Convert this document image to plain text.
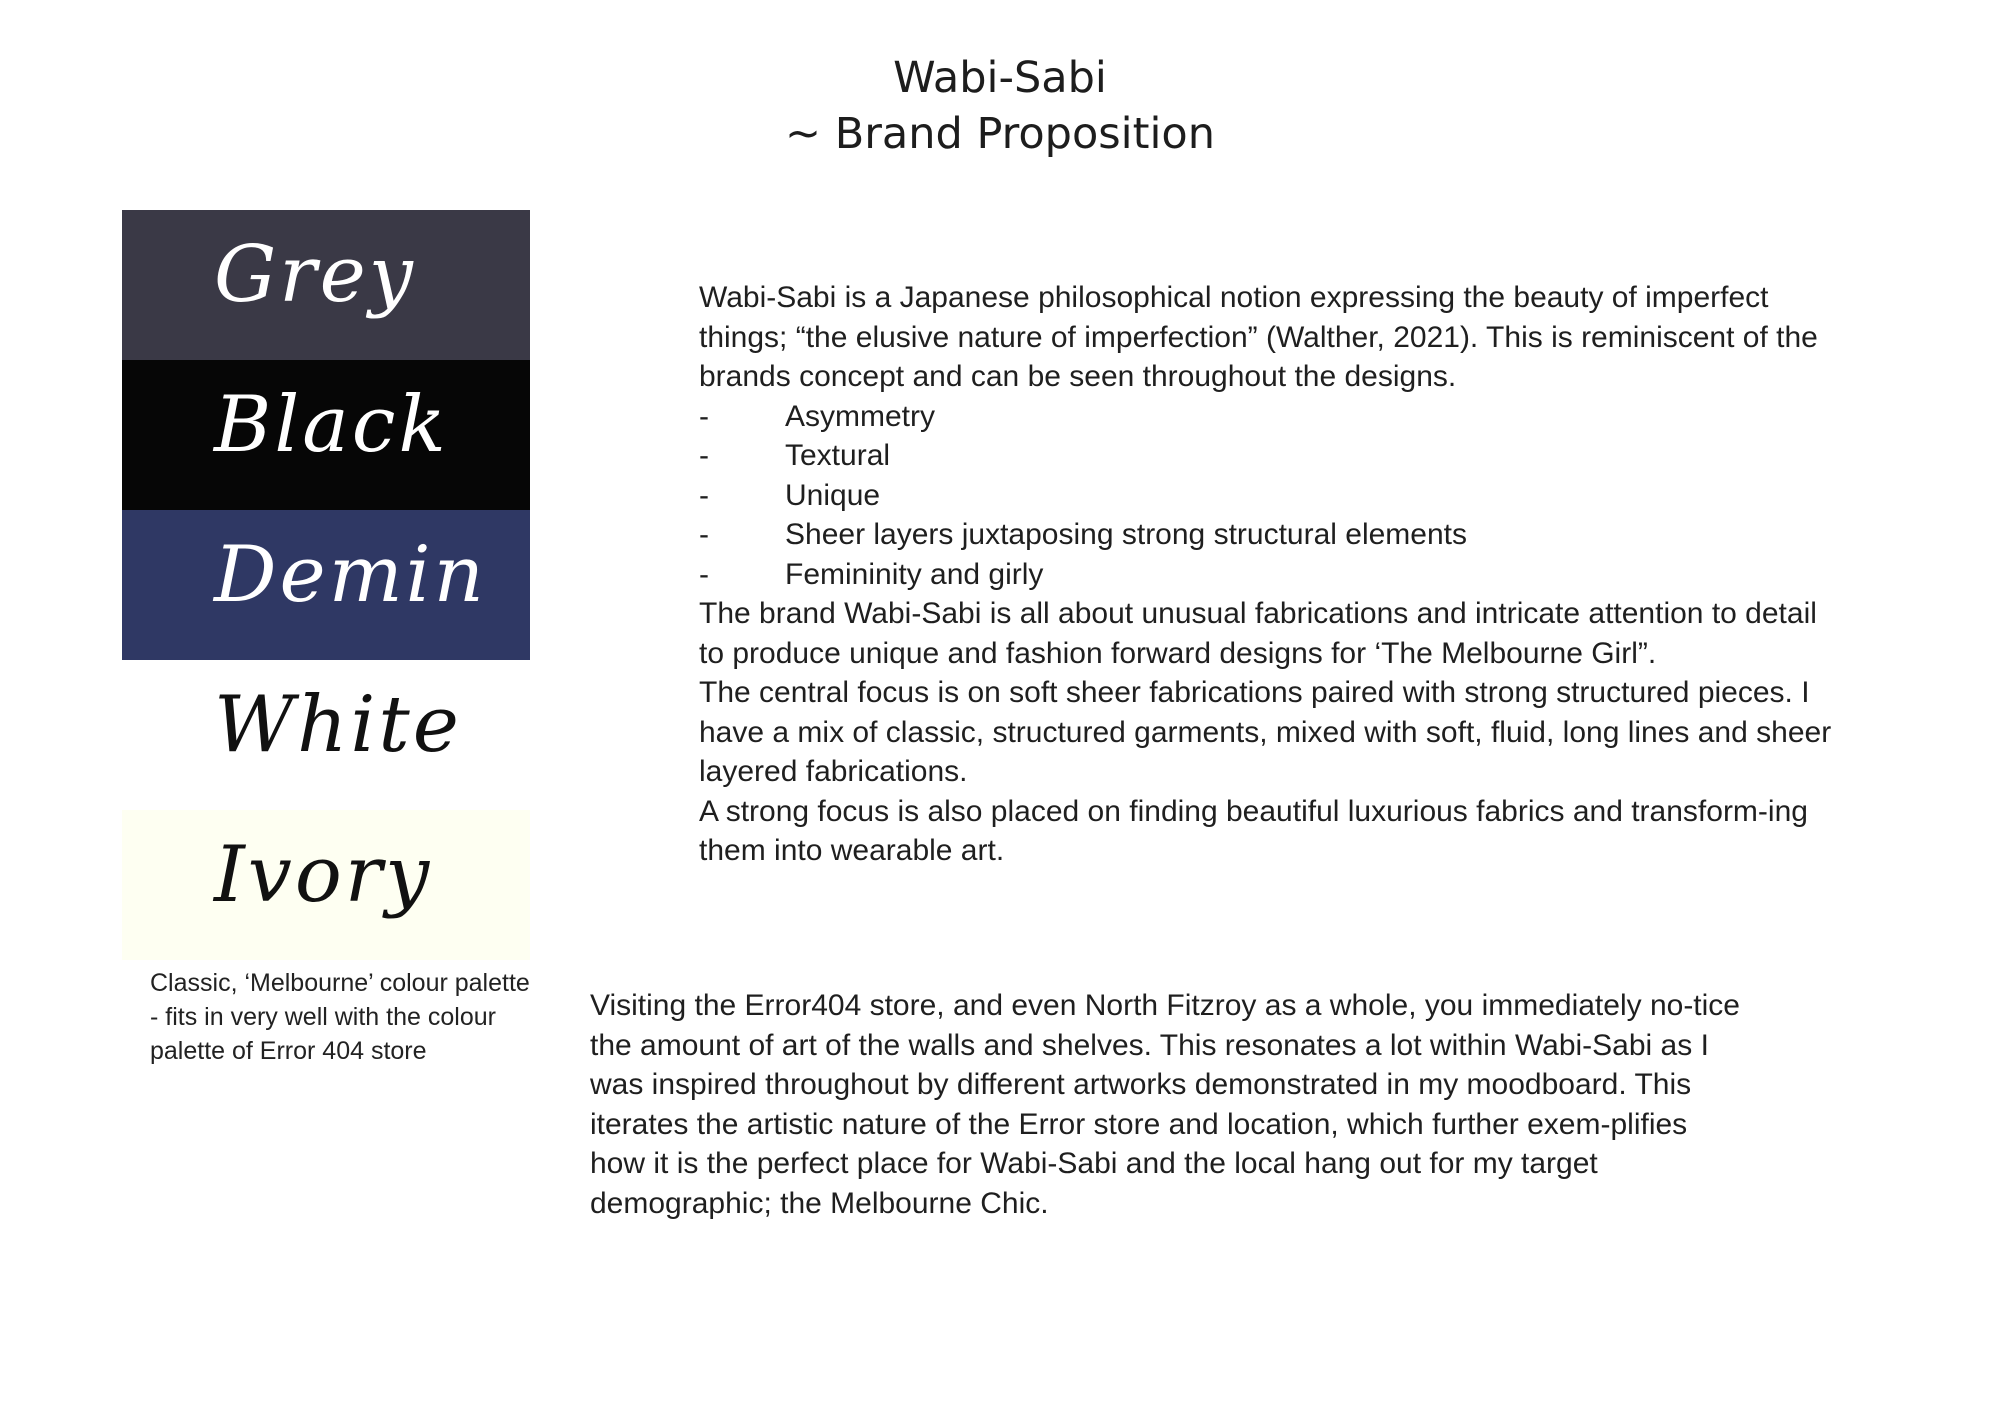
Wabi-Sabi
~ Brand Proposition
Grey
Black
Demin
White
Ivory
Classic, ‘Melbourne’ colour palette - fits in very well with the colour palette of Error 404 store

Wabi-Sabi is a Japanese philosophical notion expressing the beauty of imperfect things; “the elusive nature of imperfection” (Walther, 2021). This is reminiscent of the brands concept and can be seen throughout the designs.

-	Asymmetry
-	Textural
-	Unique
-	Sheer layers juxtaposing strong structural elements
-	Femininity and girly

The brand Wabi-Sabi is all about unusual fabrications and intricate attention to detail to produce unique and fashion forward designs for ‘The Melbourne Girl”.

The central focus is on soft sheer fabrications paired with strong structured pieces. I have a mix of classic, structured garments, mixed with soft, fluid, long lines and sheer layered fabrications.

A strong focus is also placed on finding beautiful luxurious fabrics and transform-ing them into wearable art.

Visiting the Error404 store, and even North Fitzroy as a whole, you immediately no-tice the amount of art of the walls and shelves. This resonates a lot within Wabi-Sabi as I was inspired throughout by different artworks demonstrated in my moodboard. This iterates the artistic nature of the Error store and location, which further exem-plifies how it is the perfect place for Wabi-Sabi and the local hang out for my target demographic; the Melbourne Chic.
